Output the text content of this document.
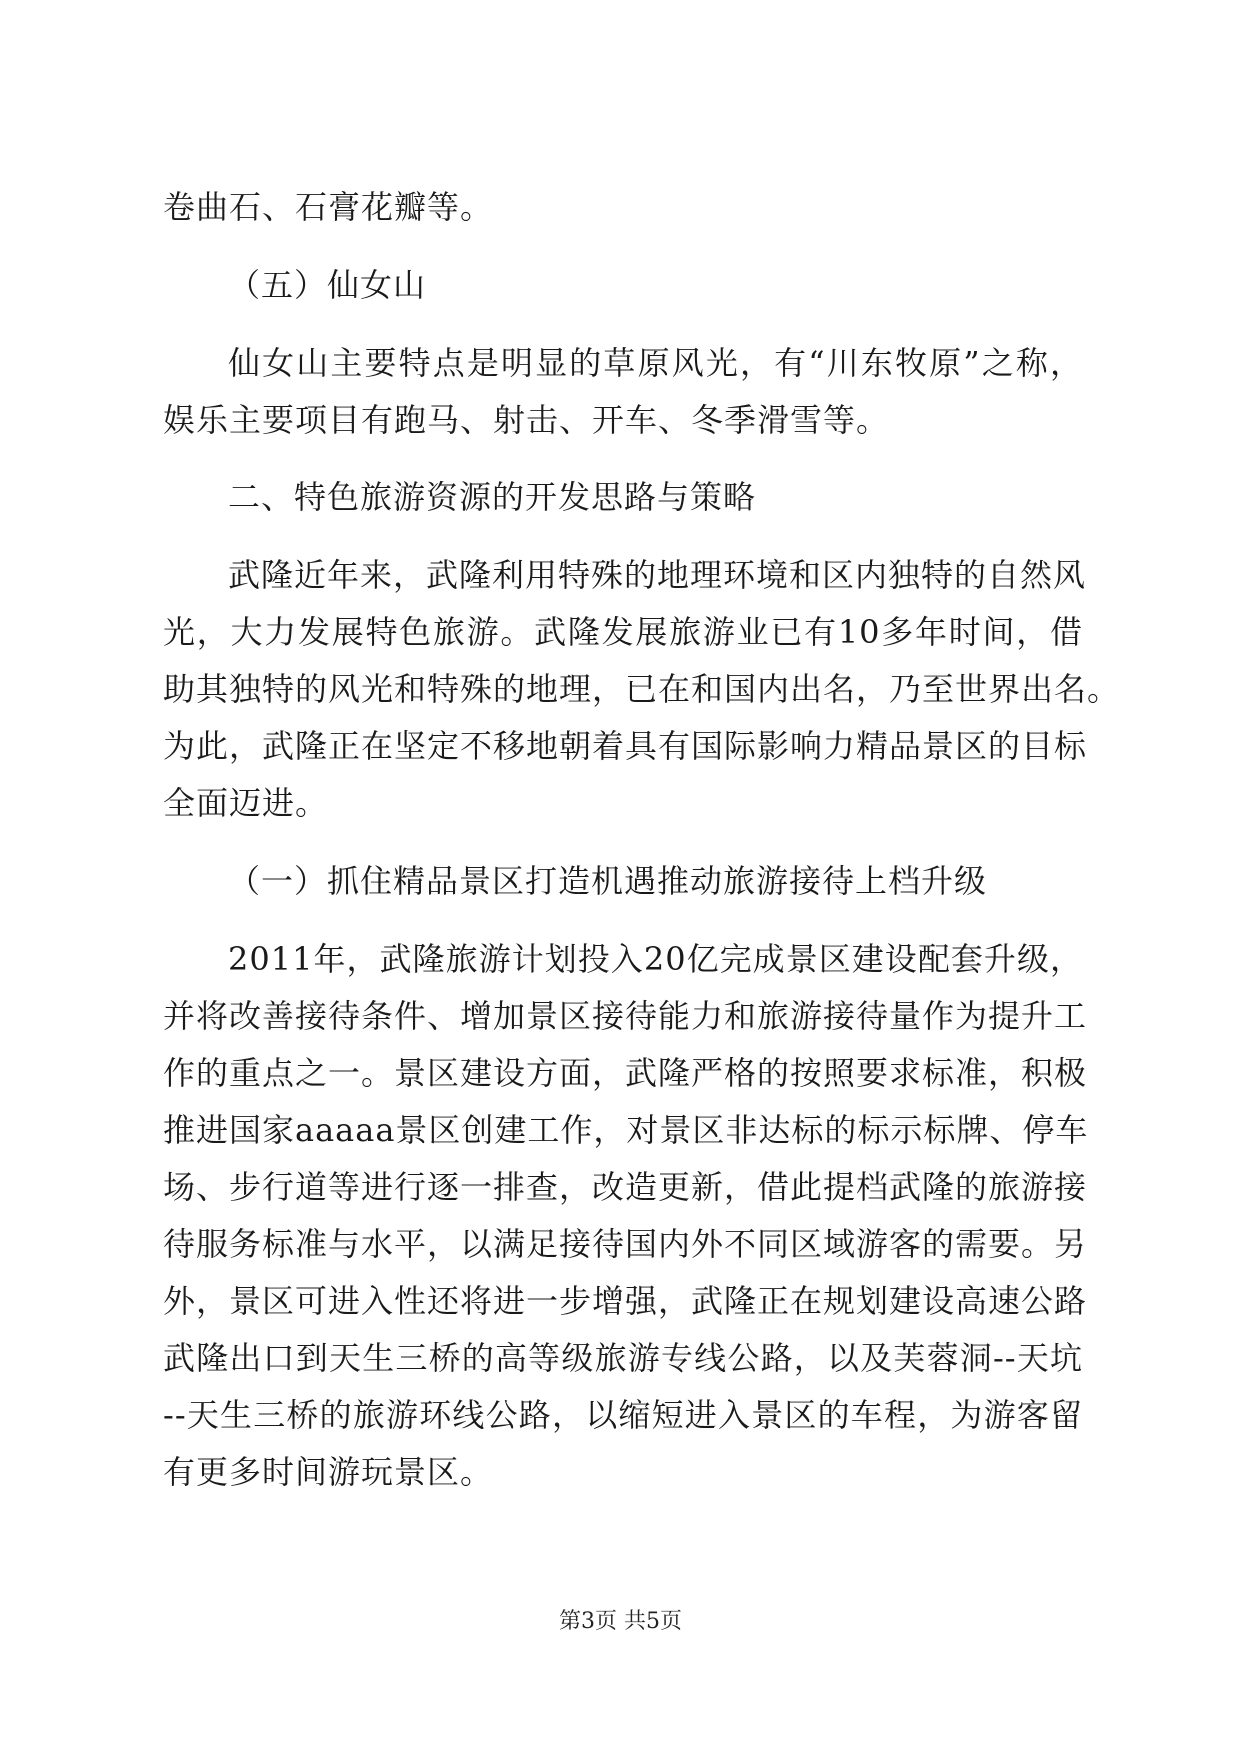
卷曲石、石膏花瓣等。
（五）仙女山
仙女山主要特点是明显的草原风光，有“川东牧原”之称，
娱乐主要项目有跑马、射击、开车、冬季滑雪等。
二、特色旅游资源的开发思路与策略
武隆近年来，武隆利用特殊的地理环境和区内独特的自然风
光，大力发展特色旅游。武隆发展旅游业已有10多年时间，借
助其独特的风光和特殊的地理，已在和国内出名，乃至世界出名。
为此，武隆正在坚定不移地朝着具有国际影响力精品景区的目标
全面迈进。
（一）抓住精品景区打造机遇推动旅游接待上档升级
2011年，武隆旅游计划投入20亿完成景区建设配套升级，
并将改善接待条件、增加景区接待能力和旅游接待量作为提升工
作的重点之一。景区建设方面，武隆严格的按照要求标准，积极
推进国家aaaaa景区创建工作，对景区非达标的标示标牌、停车
场、步行道等进行逐一排查，改造更新，借此提档武隆的旅游接
待服务标准与水平，以满足接待国内外不同区域游客的需要。另
外，景区可进入性还将进一步增强，武隆正在规划建设高速公路
武隆出口到天生三桥的高等级旅游专线公路，以及芙蓉洞--天坑
--天生三桥的旅游环线公路，以缩短进入景区的车程，为游客留
有更多时间游玩景区。
第3页 共5页
